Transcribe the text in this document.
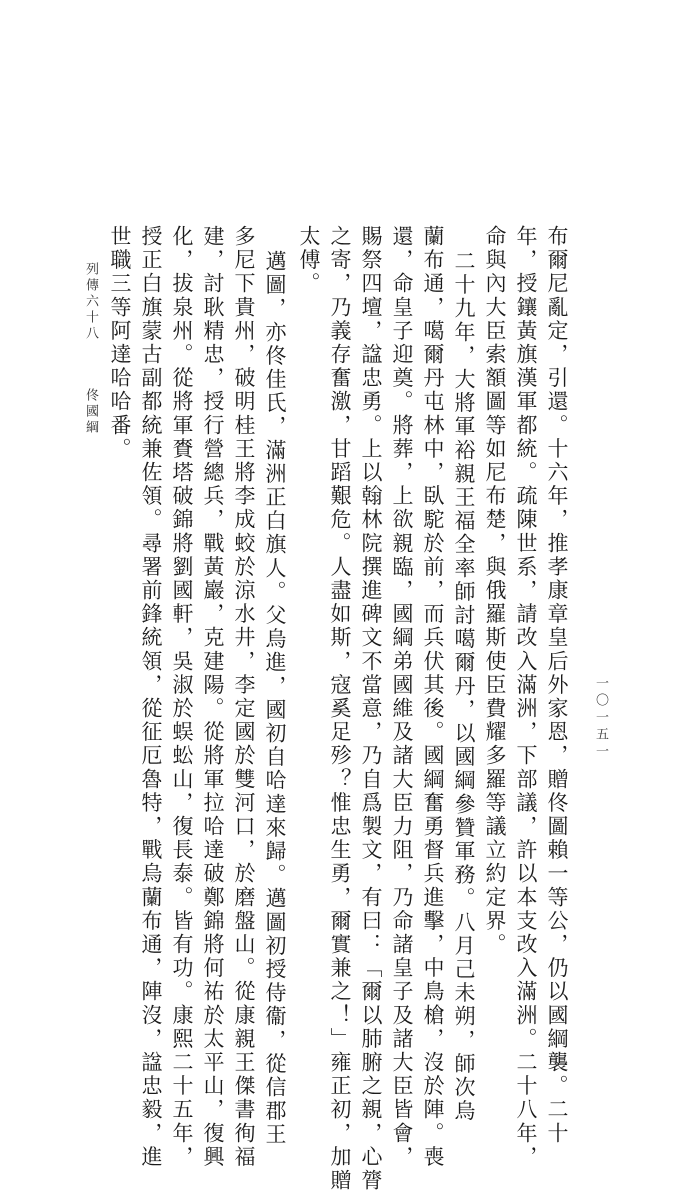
布爾尼亂定，引還。十六年，推孝康章皇后外家恩，贈佟圖賴一等公，仍以國綱襲。二十
年，授鑲黃旗漢軍都統。疏陳世系，請改入滿洲，下部議，許以本支改入滿洲。二十八年，
命與內大臣索額圖等如尼布楚，與俄羅斯使臣費耀多羅等議立約定界。
二十九年，大將軍裕親王福全率師討噶爾丹，以國綱參贊軍務。八月己未朔，師次烏
蘭布通，噶爾丹屯林中，臥駝於前，而兵伏其後。國綱奮勇督兵進擊，中鳥槍，沒於陣。喪
還，命皇子迎奠。將葬，上欲親臨，國綱弟國維及諸大臣力阻，乃命諸皇子及諸大臣皆會，
賜祭四壇，諡忠勇。上以翰林院撰進碑文不當意，乃自爲製文，有曰：「爾以肺腑之親，心膂
之寄，乃義存奮激，甘蹈艱危。人盡如斯，寇奚足殄？惟忠生勇，爾實兼之！」雍正初，加贈
太傅。
邁圖，亦佟佳氏，滿洲正白旗人。父烏進，國初自哈達來歸。邁圖初授侍衞，從信郡王
多尼下貴州，破明桂王將李成蛟於涼水井，李定國於雙河口，於磨盤山。從康親王傑書徇福
建，討耿精忠，授行營總兵，戰黃巖，克建陽。從將軍拉哈達破鄭錦將何祐於太平山，復興
化，拔泉州。從將軍賚塔破錦將劉國軒，吳淑於蜈蚣山，復長泰。皆有功。康熙二十五年，
授正白旗蒙古副都統兼佐領。尋署前鋒統領，從征厄魯特，戰烏蘭布通，陣沒，諡忠毅，進
世職三等阿達哈哈番。
列傳六十八
佟國綱
一〇一五一
